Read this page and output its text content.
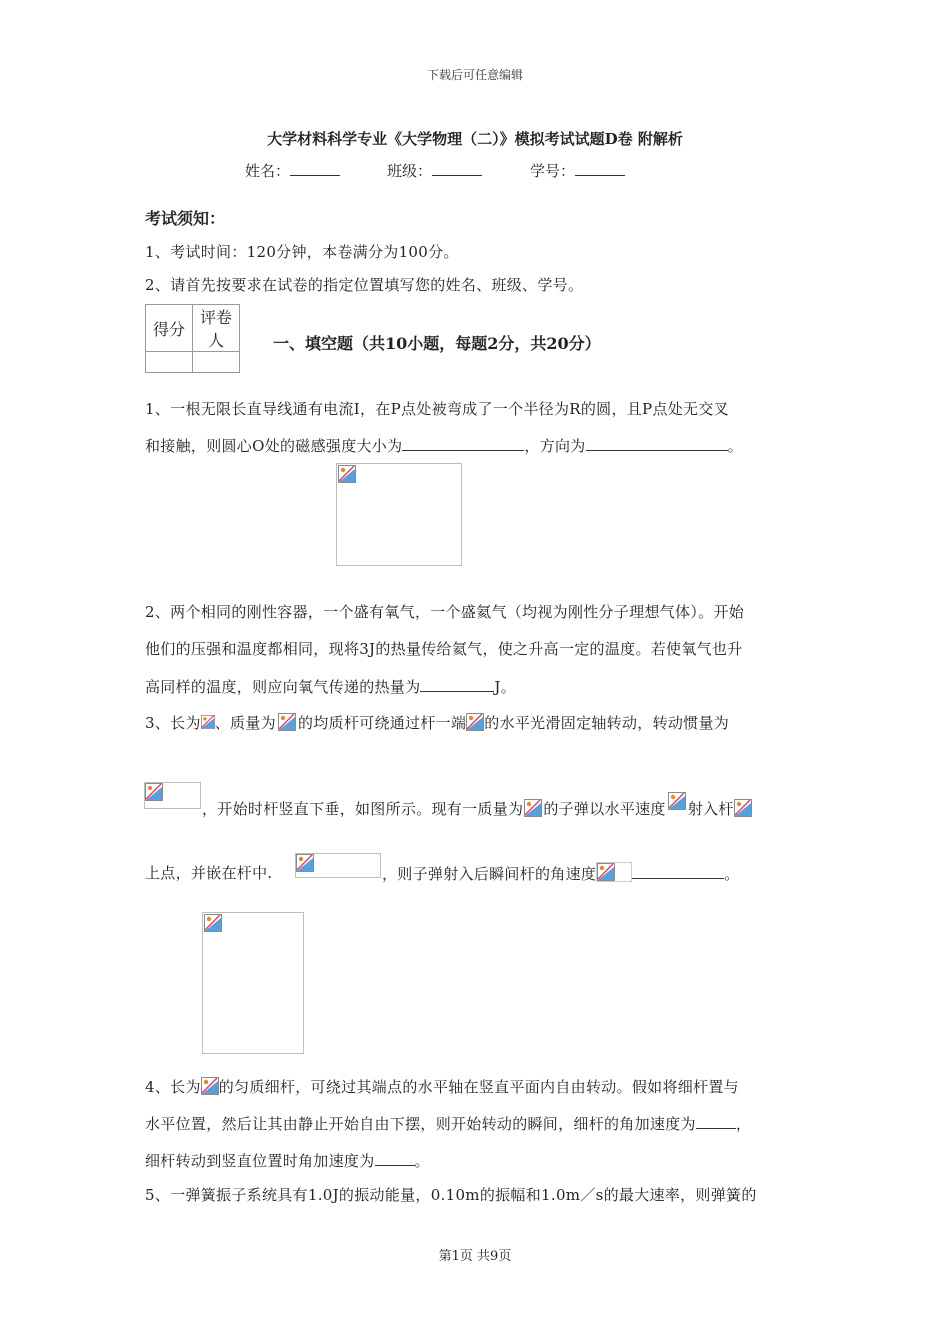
下载后可任意编辑
大学材料科学专业《大学物理（二）》模拟考试试题D卷 附解析
姓名：	班级：	学号：
考试须知：
1、考试时间：120分钟，本卷满分为100分。
2、请首先按要求在试卷的指定位置填写您的姓名、班级、学号。
得分	评卷人
		一、填空题（共10小题，每题2分，共20分）
1、一根无限长直导线通有电流I，在P点处被弯成了一个半径为R的圆，且P点处无交叉
和接触，则圆心O处的磁感强度大小为	，方向为	。
2、两个相同的刚性容器，一个盛有氧气，一个盛氦气（均视为刚性分子理想气体）。开始
他们的压强和温度都相同，现将3J的热量传给氦气，使之升高一定的温度。若使氧气也升
高同样的温度，则应向氧气传递的热量为	J。
3、长为 、质量为 的均质杆可绕通过杆一端 的水平光滑固定轴转动，转动惯量为
，开始时杆竖直下垂，如图所示。现有一质量为 的子弹以水平速度 射入杆
上点，并嵌在杆中.	，则子弹射入后瞬间杆的角速度	。
4、长为 的匀质细杆，可绕过其端点的水平轴在竖直平面内自由转动。假如将细杆置与
水平位置，然后让其由静止开始自由下摆，则开始转动的瞬间，细杆的角加速度为	，
细杆转动到竖直位置时角加速度为	。
5、一弹簧振子系统具有1.0J的振动能量，0.10m的振幅和1.0m／s的最大速率，则弹簧的
第1页 共9页
